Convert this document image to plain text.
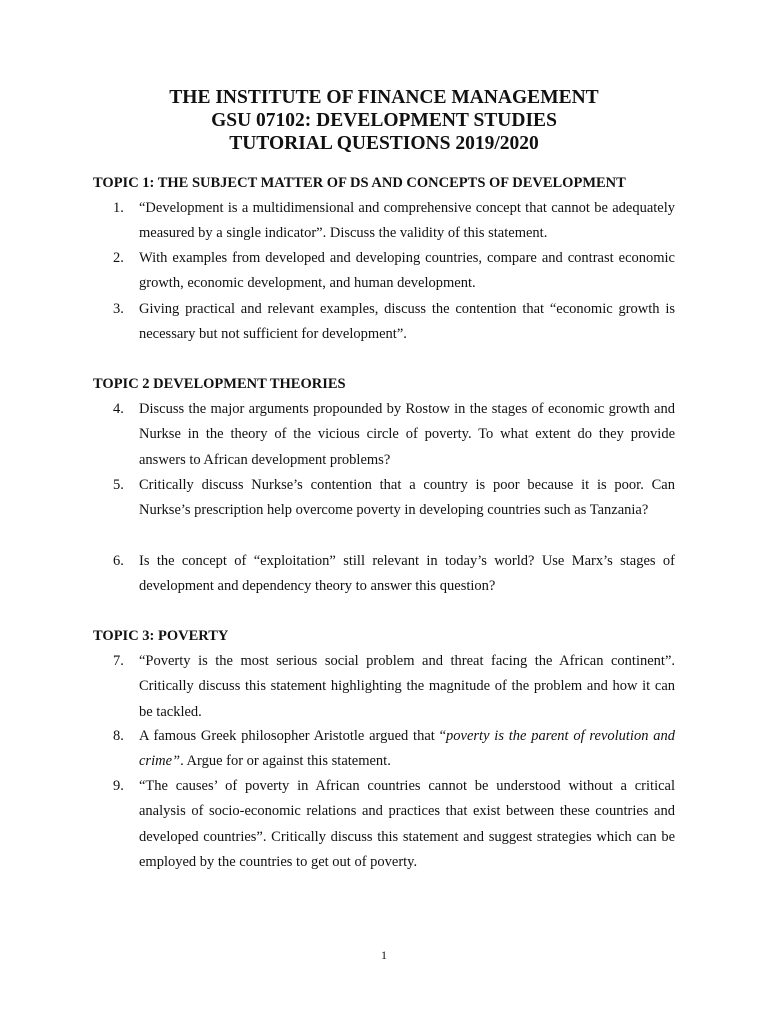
THE INSTITUTE OF FINANCE MANAGEMENT
GSU 07102: DEVELOPMENT STUDIES
TUTORIAL QUESTIONS 2019/2020
TOPIC 1: THE SUBJECT MATTER OF DS AND CONCEPTS OF DEVELOPMENT
1.	“Development is a multidimensional and comprehensive concept that cannot be adequately measured by a single indicator”. Discuss the validity of this statement.
2.	With examples from developed and developing countries, compare and contrast economic growth, economic development, and human development.
3.	Giving practical and relevant examples, discuss the contention that “economic growth is necessary but not sufficient for development”.
TOPIC 2 DEVELOPMENT THEORIES
4.	Discuss the major arguments propounded by Rostow in the stages of economic growth and Nurkse in the theory of the vicious circle of poverty. To what extent do they provide answers to African development problems?
5.	Critically discuss Nurkse’s contention that a country is poor because it is poor. Can Nurkse’s prescription help overcome poverty in developing countries such as Tanzania?
6.	Is the concept of “exploitation” still relevant in today’s world? Use Marx’s stages of development and dependency theory to answer this question?
TOPIC 3: POVERTY
7.	“Poverty is the most serious social problem and threat facing the African continent”. Critically discuss this statement highlighting the magnitude of the problem and how it can be tackled.
8.	A famous Greek philosopher Aristotle argued that “poverty is the parent of revolution and crime”. Argue for or against this statement.
9.	“The causes’ of poverty in African countries cannot be understood without a critical analysis of socio-economic relations and practices that exist between these countries and developed countries”. Critically discuss this statement and suggest strategies which can be employed by the countries to get out of poverty.
1
